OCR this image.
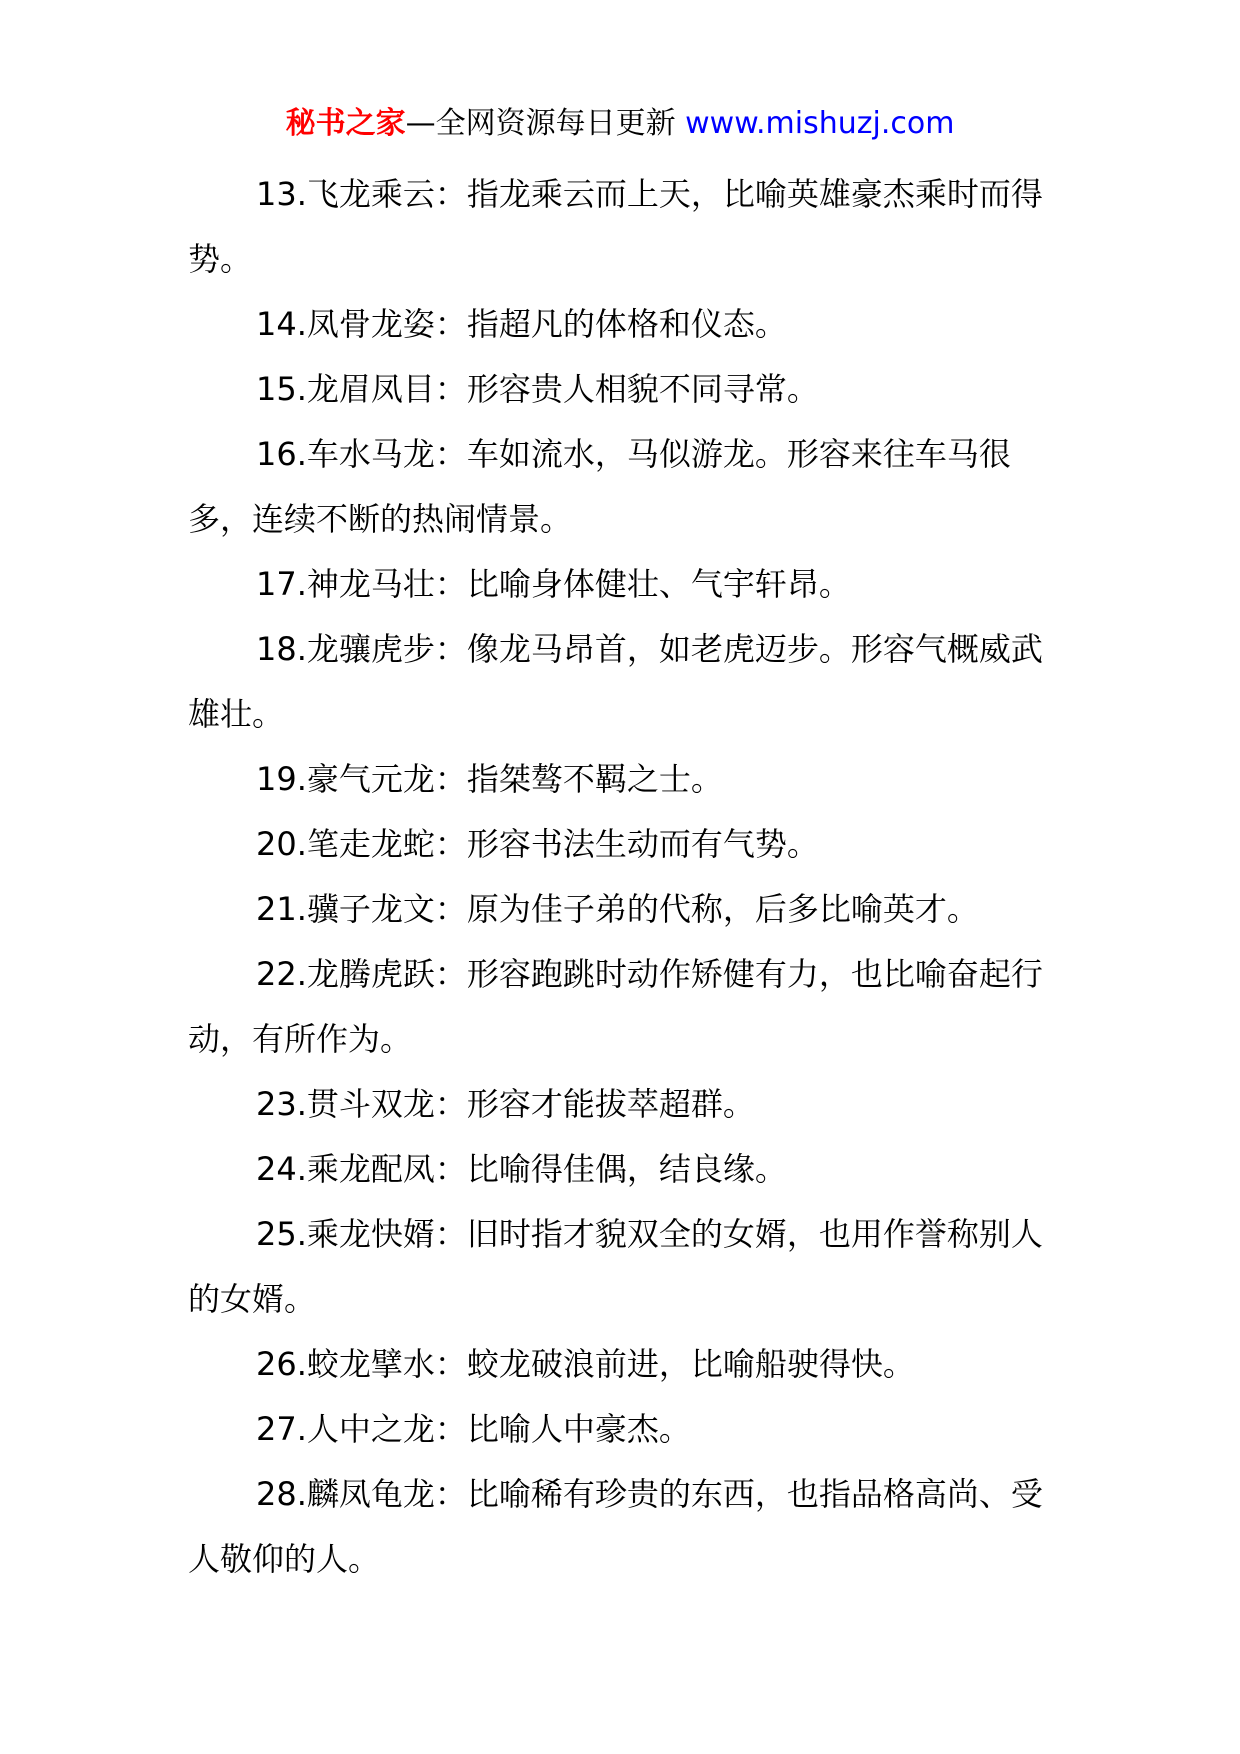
秘书之家—全网资源每日更新 www.mishuzj.com

13.飞龙乘云：指龙乘云而上天，比喻英雄豪杰乘时而得势。

14.凤骨龙姿：指超凡的体格和仪态。

15.龙眉凤目：形容贵人相貌不同寻常。

16.车水马龙：车如流水，马似游龙。形容来往车马很多，连续不断的热闹情景。

17.神龙马壮：比喻身体健壮、气宇轩昂。

18.龙骧虎步：像龙马昂首，如老虎迈步。形容气概威武雄壮。

19.豪气元龙：指桀骜不羁之士。

20.笔走龙蛇：形容书法生动而有气势。

21.骥子龙文：原为佳子弟的代称，后多比喻英才。

22.龙腾虎跃：形容跑跳时动作矫健有力，也比喻奋起行动，有所作为。

23.贯斗双龙：形容才能拔萃超群。

24.乘龙配凤：比喻得佳偶，结良缘。

25.乘龙快婿：旧时指才貌双全的女婿，也用作誉称别人的女婿。

26.蛟龙擘水：蛟龙破浪前进，比喻船驶得快。

27.人中之龙：比喻人中豪杰。

28.麟凤龟龙：比喻稀有珍贵的东西，也指品格高尚、受人敬仰的人。
